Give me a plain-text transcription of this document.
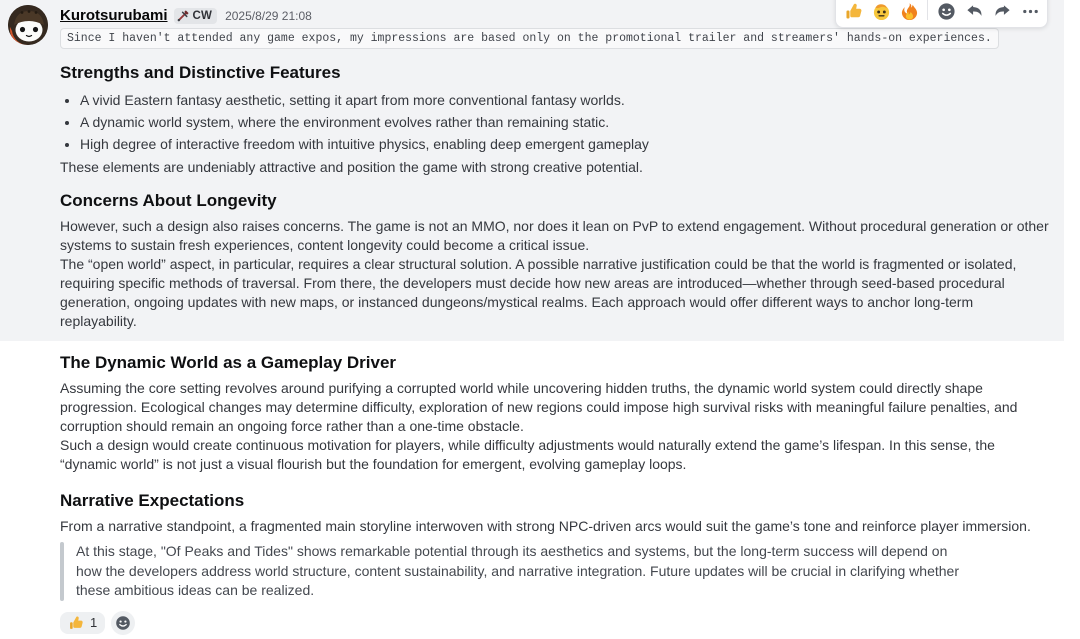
Kurotsurubami CW 2025/8/29 21:08
Since I haven't attended any game expos, my impressions are based only on the promotional trailer and streamers' hands-on experiences.
Strengths and Distinctive Features
• A vivid Eastern fantasy aesthetic, setting it apart from more conventional fantasy worlds.
• A dynamic world system, where the environment evolves rather than remaining static.
• High degree of interactive freedom with intuitive physics, enabling deep emergent gameplay

These elements are undeniably attractive and position the game with strong creative potential.

Concerns About Longevity

However, such a design also raises concerns. The game is not an MMO, nor does it lean on PvP to extend engagement. Without procedural generation or other systems to sustain fresh experiences, content longevity could become a critical issue.

The “open world” aspect, in particular, requires a clear structural solution. A possible narrative justification could be that the world is fragmented or isolated, requiring specific methods of traversal. From there, the developers must decide how new areas are introduced—whether through seed-based procedural generation, ongoing updates with new maps, or instanced dungeons/mystical realms. Each approach would offer different ways to anchor long-term replayability.

The Dynamic World as a Gameplay Driver

Assuming the core setting revolves around purifying a corrupted world while uncovering hidden truths, the dynamic world system could directly shape progression. Ecological changes may determine difficulty, exploration of new regions could impose high survival risks with meaningful failure penalties, and corruption should remain an ongoing force rather than a one-time obstacle.

Such a design would create continuous motivation for players, while difficulty adjustments would naturally extend the game’s lifespan. In this sense, the “dynamic world” is not just a visual flourish but the foundation for emergent, evolving gameplay loops.

Narrative Expectations

From a narrative standpoint, a fragmented main storyline interwoven with strong NPC-driven arcs would suit the game’s tone and reinforce player immersion.

At this stage, "Of Peaks and Tides" shows remarkable potential through its aesthetics and systems, but the long-term success will depend on how the developers address world structure, content sustainability, and narrative integration. Future updates will be crucial in clarifying whether these ambitious ideas can be realized.
1
